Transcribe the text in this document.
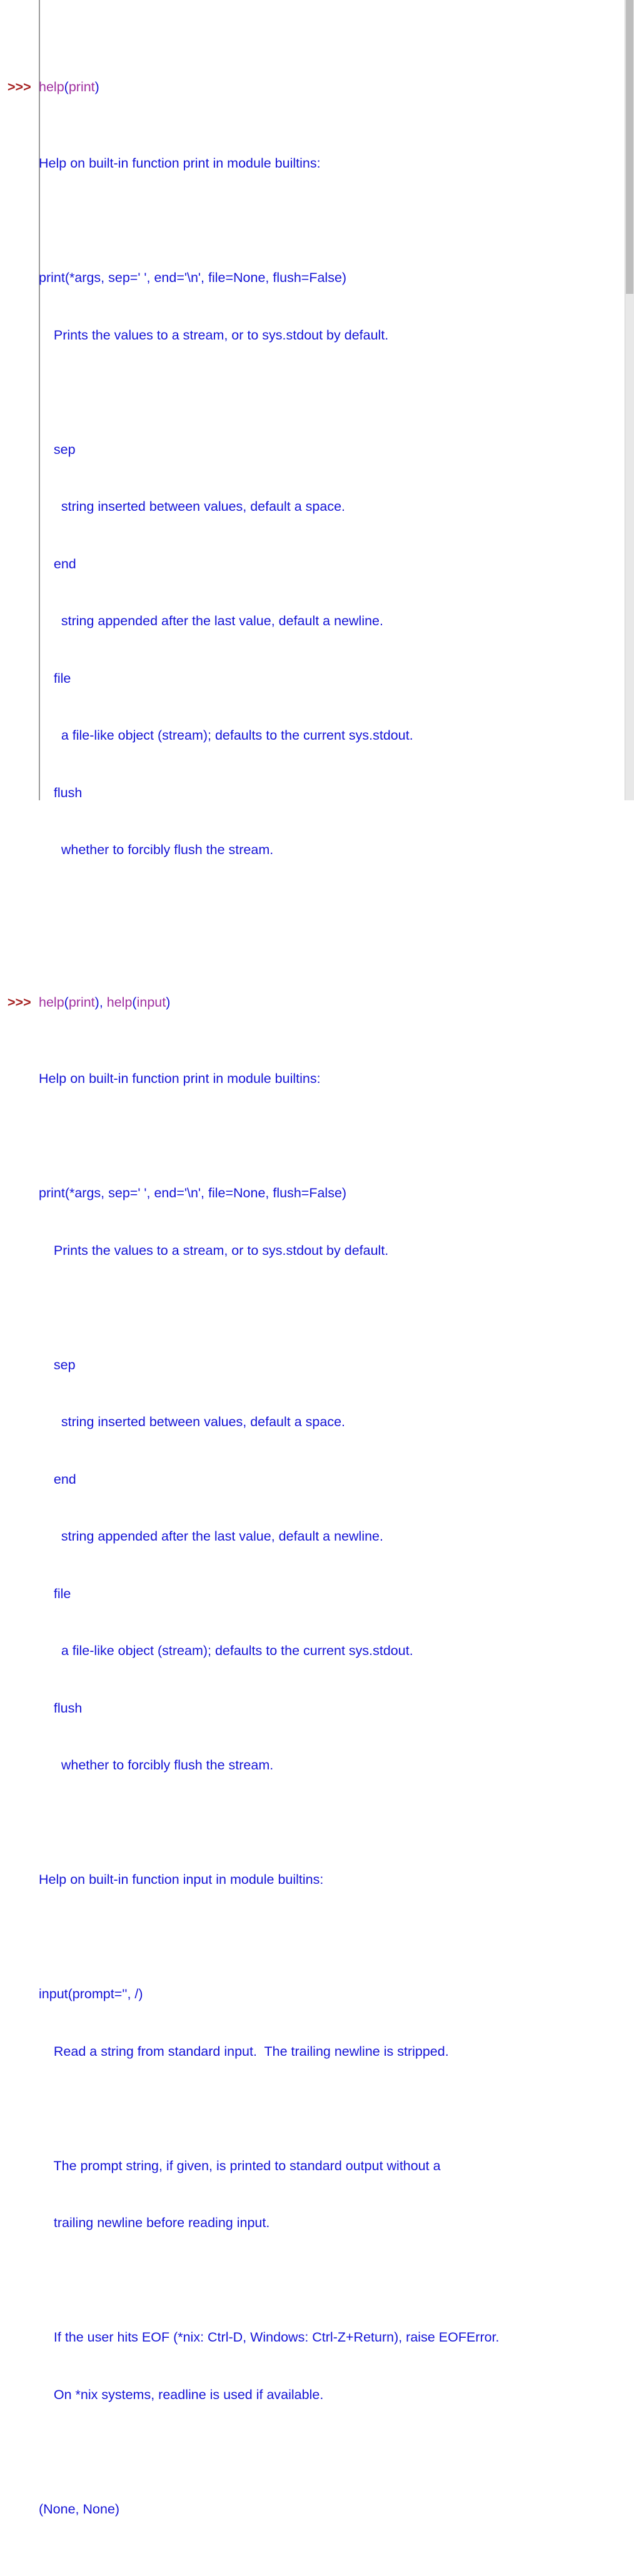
>>> help(print)

Help on built-in function print in module builtins:

print(*args, sep=' ', end='\n', file=None, flush=False)

Prints the values to a stream, or to sys.stdout by default.

sep

string inserted between values, default a space.

end

string appended after the last value, default a newline.

file

a file-like object (stream); defaults to the current sys.stdout.

flush

whether to forcibly flush the stream.

>>> help(print), help(input)

Help on built-in function print in module builtins:

print(*args, sep=' ', end='\n', file=None, flush=False)

Prints the values to a stream, or to sys.stdout by default.

sep

string inserted between values, default a space.

end

string appended after the last value, default a newline.

file

a file-like object (stream); defaults to the current sys.stdout.

flush

whether to forcibly flush the stream.

Help on built-in function input in module builtins:

input(prompt='', /)

Read a string from standard input.  The trailing newline is stripped.

The prompt string, if given, is printed to standard output without a

trailing newline before reading input.

If the user hits EOF (*nix: Ctrl-D, Windows: Ctrl-Z+Return), raise EOFError.

On *nix systems, readline is used if available.

(None, None)
